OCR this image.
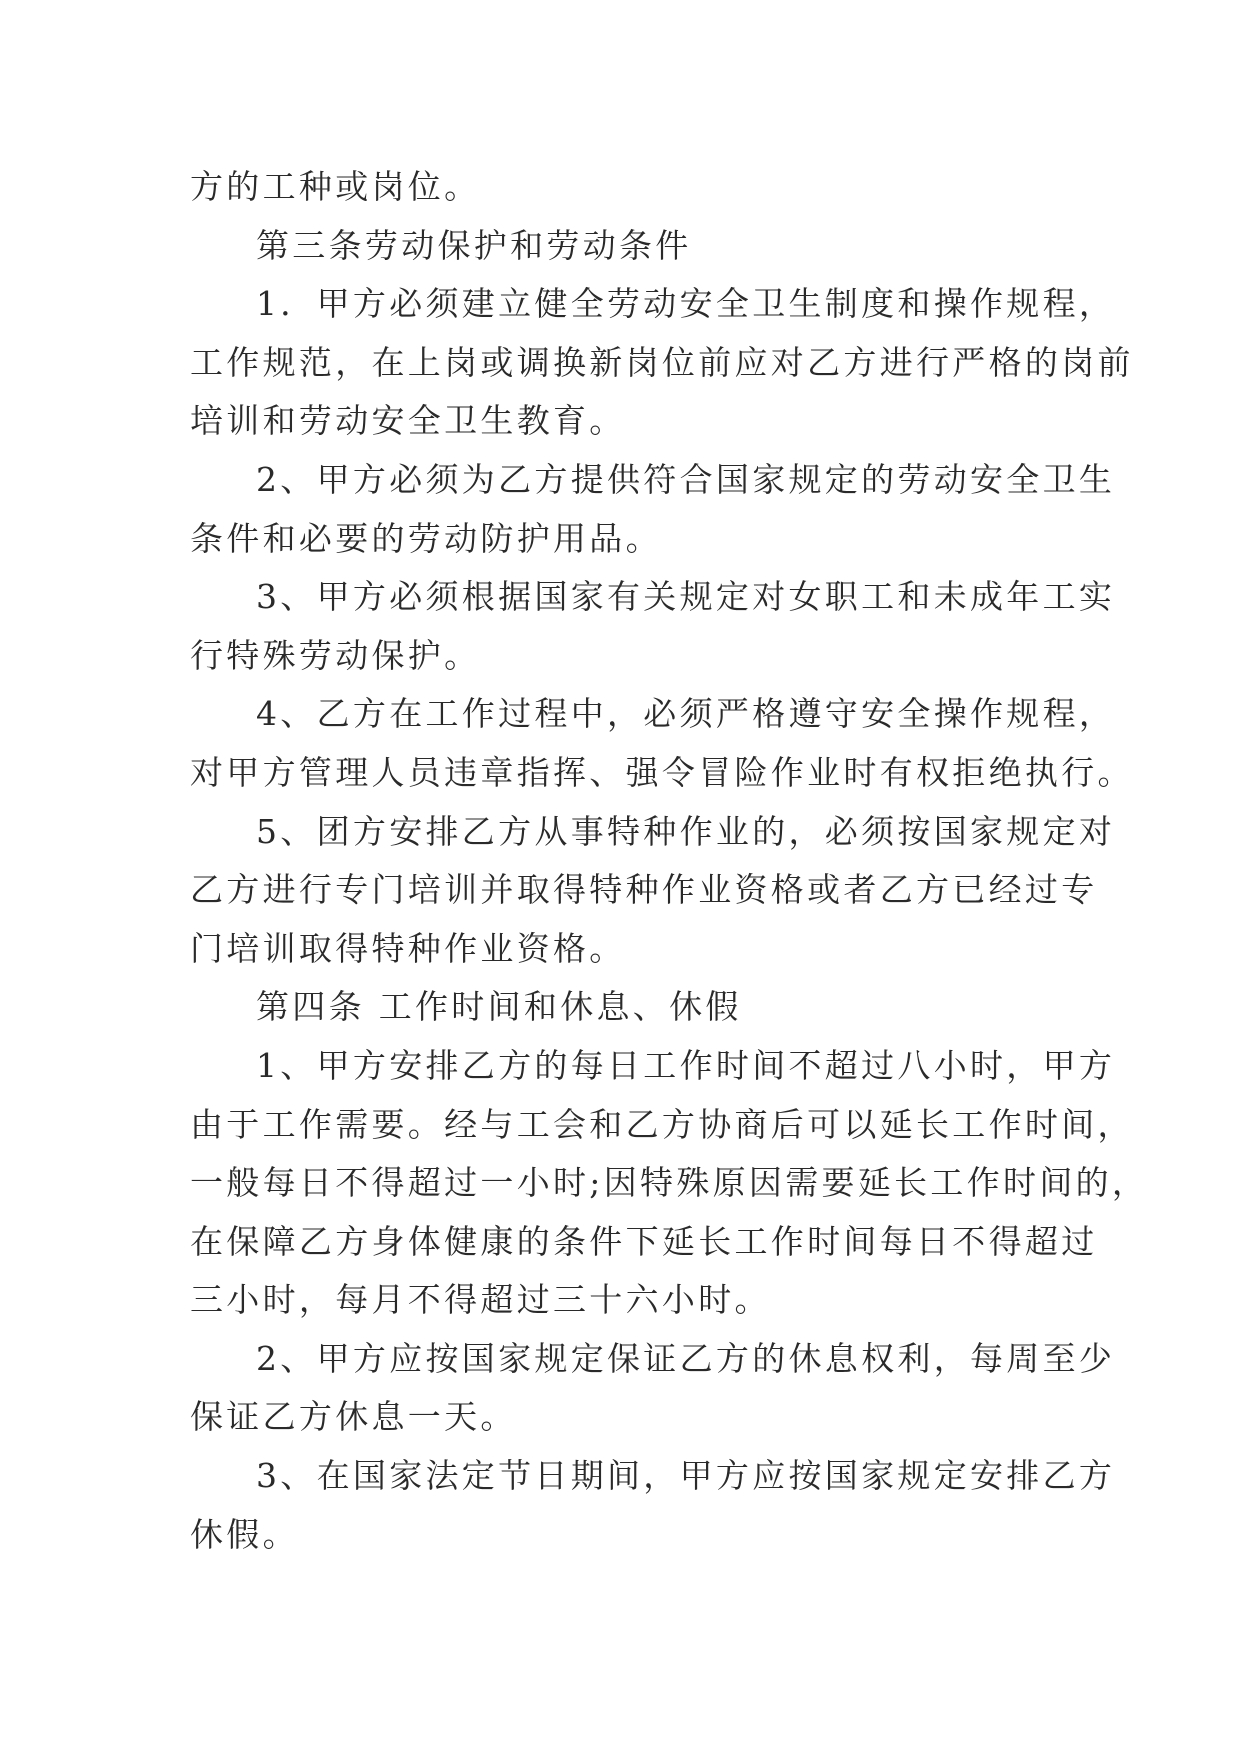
方的工种或岗位。
第三条劳动保护和劳动条件
1．甲方必须建立健全劳动安全卫生制度和操作规程，
工作规范，在上岗或调换新岗位前应对乙方进行严格的岗前
培训和劳动安全卫生教育。
2、甲方必须为乙方提供符合国家规定的劳动安全卫生
条件和必要的劳动防护用品。
3、甲方必须根据国家有关规定对女职工和未成年工实
行特殊劳动保护。
4、乙方在工作过程中，必须严格遵守安全操作规程，
对甲方管理人员违章指挥、强令冒险作业时有权拒绝执行。
5、团方安排乙方从事特种作业的，必须按国家规定对
乙方进行专门培训并取得特种作业资格或者乙方已经过专
门培训取得特种作业资格。
第四条 工作时间和休息、休假
1、甲方安排乙方的每日工作时间不超过八小时，甲方
由于工作需要。经与工会和乙方协商后可以延长工作时间，
一般每日不得超过一小时;因特殊原因需要延长工作时间的，
在保障乙方身体健康的条件下延长工作时间每日不得超过
三小时，每月不得超过三十六小时。
2、甲方应按国家规定保证乙方的休息权利，每周至少
保证乙方休息一天。
3、在国家法定节日期间，甲方应按国家规定安排乙方
休假。
